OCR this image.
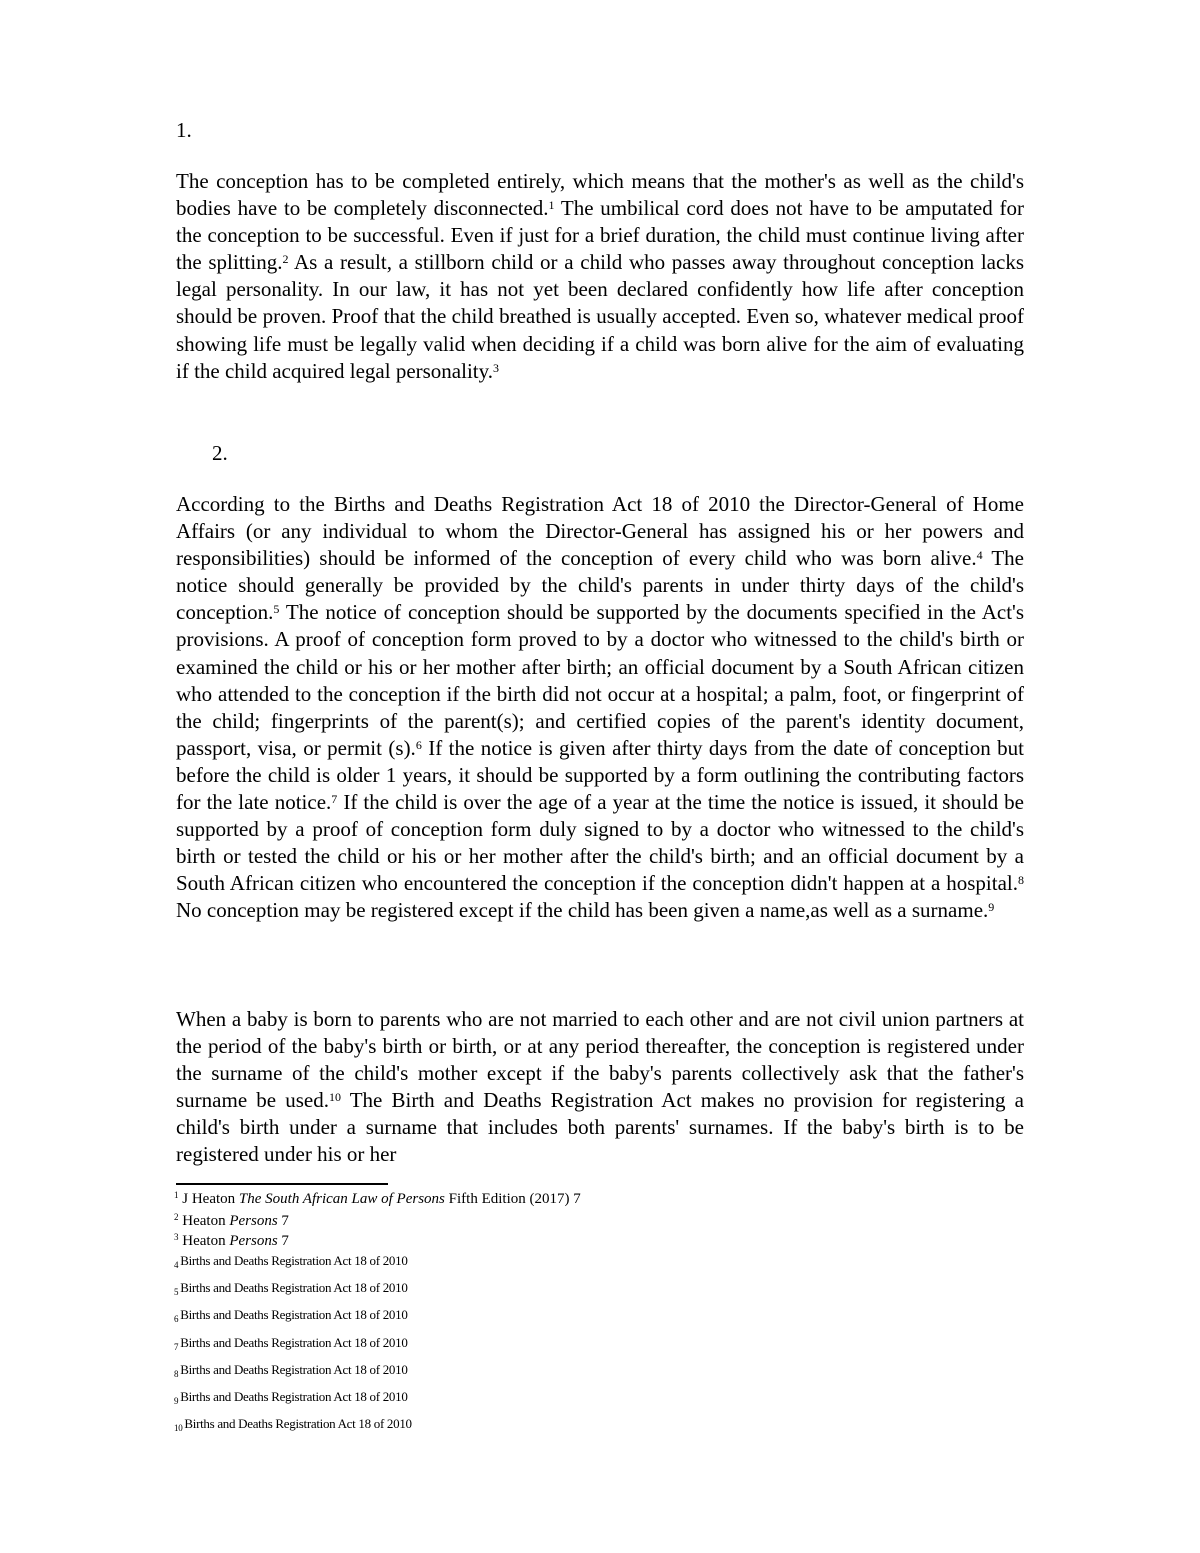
1.

The conception has to be completed entirely, which means that the mother's as well as the child's bodies have to be completely disconnected.$^1$ The umbilical cord does not have to be amputated for the conception to be successful. Even if just for a brief duration, the child must continue living after the splitting.$^2$ As a result, a stillborn child or a child who passes away throughout conception lacks legal personality. In our law, it has not yet been declared confidently how life after conception should be proven. Proof that the child breathed is usually accepted. Even so, whatever medical proof showing life must be legally valid when deciding if a child was born alive for the aim of evaluating if the child acquired legal personality.$^3$

2.

According to the Births and Deaths Registration Act 18 of 2010 the Director-General of Home Affairs (or any individual to whom the Director-General has assigned his or her powers and responsibilities) should be informed of the conception of every child who was born alive.$^4$ The notice should generally be provided by the child's parents in under thirty days of the child's conception.$^5$ The notice of conception should be supported by the documents specified in the Act's provisions. A proof of conception form proved to by a doctor who witnessed to the child's birth or examined the child or his or her mother after birth; an official document by a South African citizen who attended to the conception if the birth did not occur at a hospital; a palm, foot, or fingerprint of the child; fingerprints of the parent(s); and certified copies of the parent's identity document, passport, visa, or permit (s).$^6$ If the notice is given after thirty days from the date of conception but before the child is older 1 years, it should be supported by a form outlining the contributing factors for the late notice.$^7$ If the child is over the age of a year at the time the notice is issued, it should be supported by a proof of conception form duly signed to by a doctor who witnessed to the child's birth or tested the child or his or her mother after the child's birth; and an official document by a South African citizen who encountered the conception if the conception didn't happen at a hospital.$^8$ No conception may be registered except if the child has been given a name,as well as a surname.$^9$

When a baby is born to parents who are not married to each other and are not civil union partners at the period of the baby's birth or birth, or at any period thereafter, the conception is registered under the surname of the child's mother except if the baby's parents collectively ask that the father's surname be used.$^{10}$ The Birth and Deaths Registration Act makes no provision for registering a child's birth under a surname that includes both parents' surnames. If the baby's birth is to be registered under his or her

$^1$ J Heaton The South African Law of Persons Fifth Edition (2017) 7
$^2$ Heaton Persons 7
$^3$ Heaton Persons 7
$_4$ Births and Deaths Registration Act 18 of 2010
$_5$ Births and Deaths Registration Act 18 of 2010
$_6$ Births and Deaths Registration Act 18 of 2010
$_7$ Births and Deaths Registration Act 18 of 2010
$_8$ Births and Deaths Registration Act 18 of 2010
$_9$ Births and Deaths Registration Act 18 of 2010
$_{10}$ Births and Deaths Registration Act 18 of 2010
